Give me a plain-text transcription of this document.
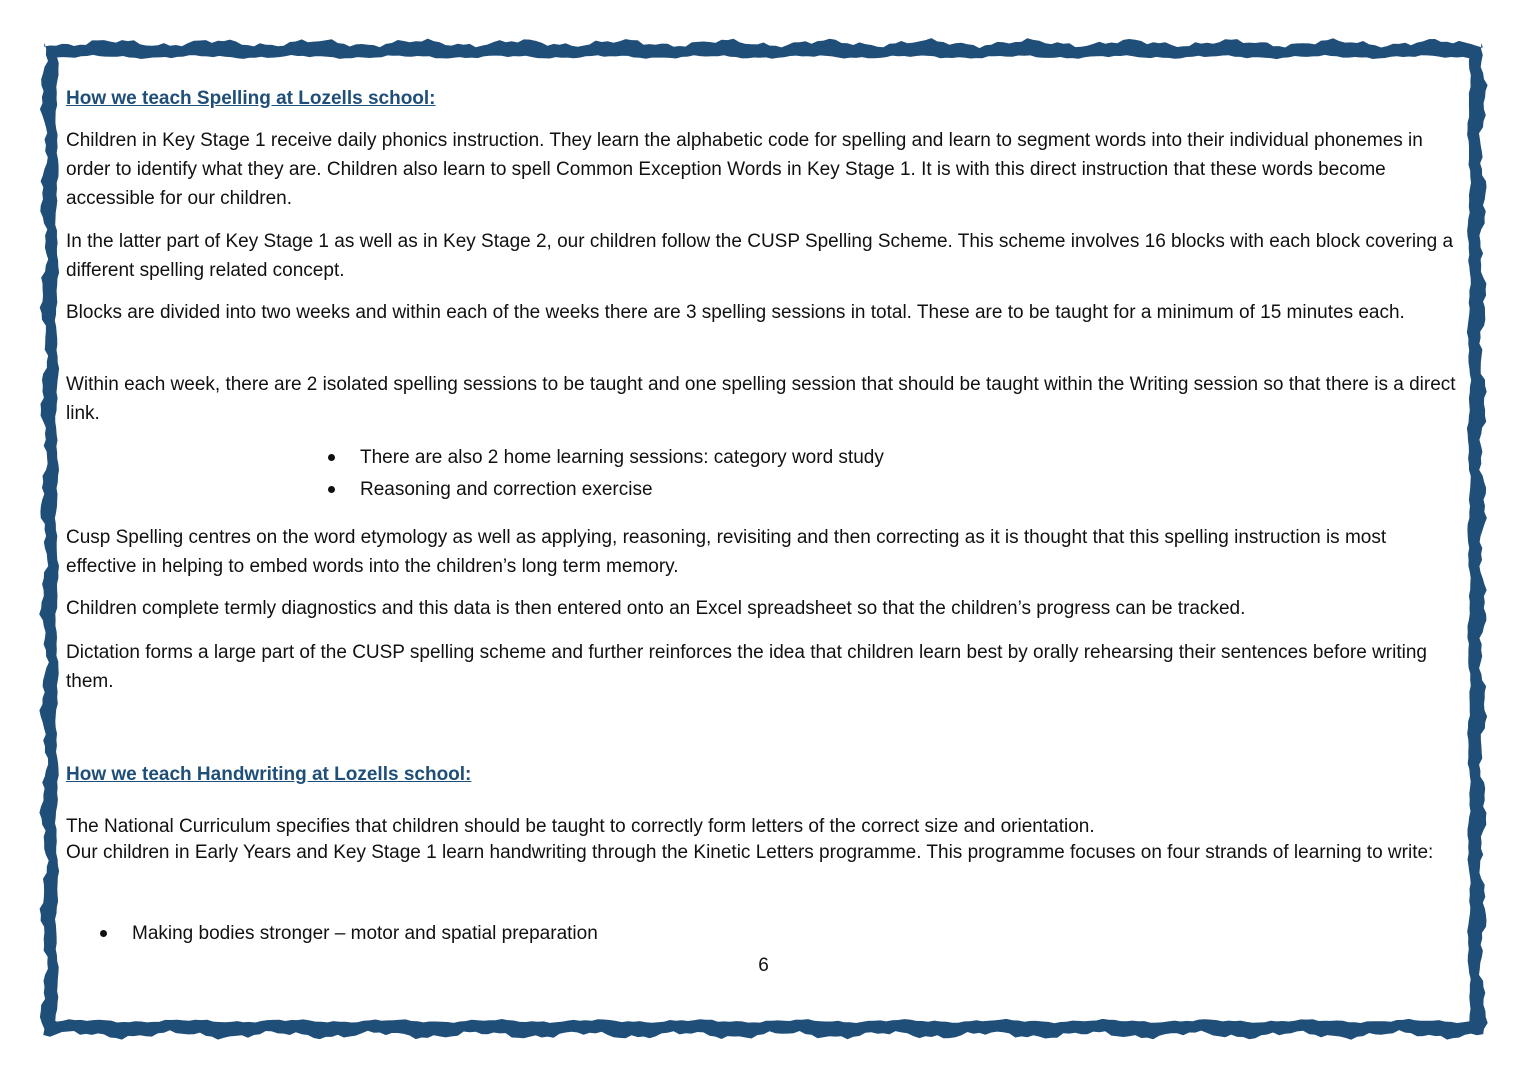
How we teach Spelling at Lozells school:

Children in Key Stage 1 receive daily phonics instruction. They learn the alphabetic code for spelling and learn to segment words into their individual phonemes in order to identify what they are. Children also learn to spell Common Exception Words in Key Stage 1. It is with this direct instruction that these words become accessible for our children.

In the latter part of Key Stage 1 as well as in Key Stage 2, our children follow the CUSP Spelling Scheme. This scheme involves 16 blocks with each block covering a different spelling related concept.

Blocks are divided into two weeks and within each of the weeks there are 3 spelling sessions in total. These are to be taught for a minimum of 15 minutes each.

Within each week, there are 2 isolated spelling sessions to be taught and one spelling session that should be taught within the Writing session so that there is a direct link.

There are also 2 home learning sessions: category word study
Reasoning and correction exercise

Cusp Spelling centres on the word etymology as well as applying, reasoning, revisiting and then correcting as it is thought that this spelling instruction is most effective in helping to embed words into the children’s long term memory.

Children complete termly diagnostics and this data is then entered onto an Excel spreadsheet so that the children’s progress can be tracked.

Dictation forms a large part of the CUSP spelling scheme and further reinforces the idea that children learn best by orally rehearsing their sentences before writing them.

How we teach Handwriting at Lozells school:

The National Curriculum specifies that children should be taught to correctly form letters of the correct size and orientation.

Our children in Early Years and Key Stage 1 learn handwriting through the Kinetic Letters programme. This programme focuses on four strands of learning to write:

Making bodies stronger – motor and spatial preparation
6
